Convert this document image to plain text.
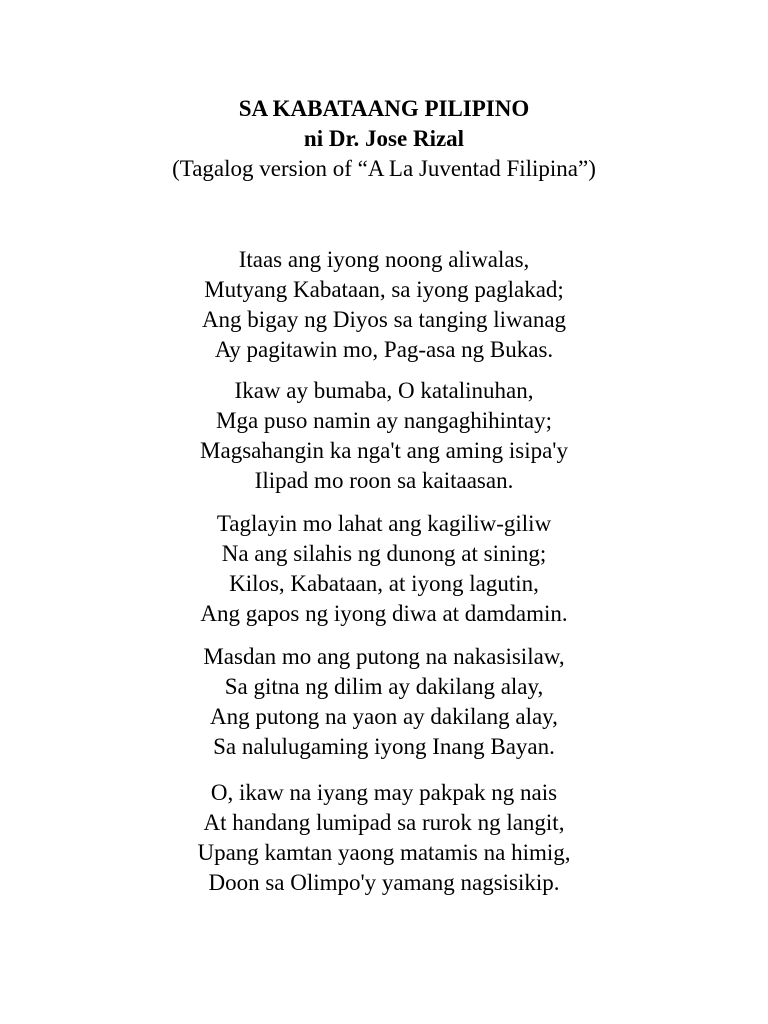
SA KABATAANG PILIPINO

ni Dr. Jose Rizal

(Tagalog version of “A La Juventad Filipina”)

Itaas ang iyong noong aliwalas,
Mutyang Kabataan, sa iyong paglakad;
Ang bigay ng Diyos sa tanging liwanag
Ay pagitawin mo, Pag-asa ng Bukas.
Ikaw ay bumaba, O katalinuhan,
Mga puso namin ay nangaghihintay;
Magsahangin ka nga't ang aming isipa'y
Ilipad mo roon sa kaitaasan.
Taglayin mo lahat ang kagiliw-giliw
Na ang silahis ng dunong at sining;
Kilos, Kabataan, at iyong lagutin,
Ang gapos ng iyong diwa at damdamin.
Masdan mo ang putong na nakasisilaw,
Sa gitna ng dilim ay dakilang alay,
Ang putong na yaon ay dakilang alay,
Sa nalulugaming iyong Inang Bayan.
O, ikaw na iyang may pakpak ng nais
At handang lumipad sa rurok ng langit,
Upang kamtan yaong matamis na himig,
Doon sa Olimpo'y yamang nagsisikip.
